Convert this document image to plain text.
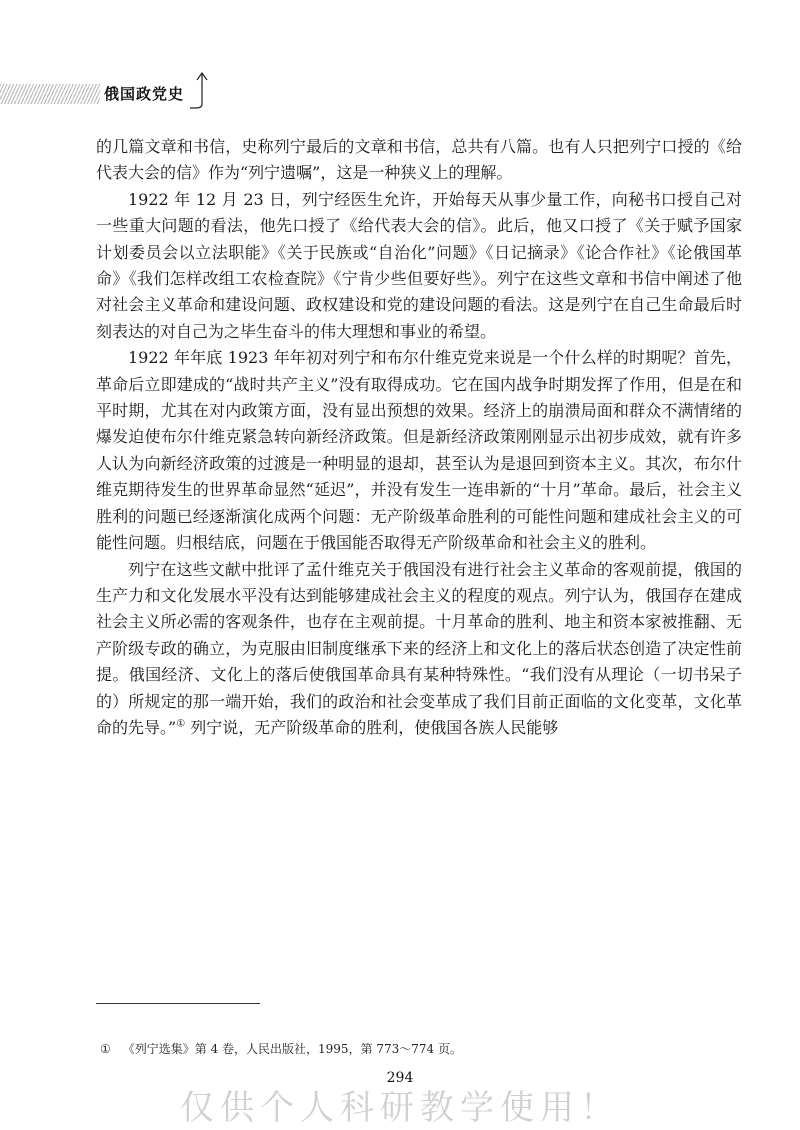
俄国政党史

的几篇文章和书信，史称列宁最后的文章和书信，总共有八篇。也有人只把列宁口授的《给代表大会的信》作为“列宁遗嘱”，这是一种狭义上的理解。

1922 年 12 月 23 日，列宁经医生允许，开始每天从事少量工作，向秘书口授自己对一些重大问题的看法，他先口授了《给代表大会的信》。此后，他又口授了《关于赋予国家计划委员会以立法职能》《关于民族或“自治化”问题》《日记摘录》《论合作社》《论俄国革命》《我们怎样改组工农检查院》《宁肯少些但要好些》。列宁在这些文章和书信中阐述了他对社会主义革命和建设问题、政权建设和党的建设问题的看法。这是列宁在自己生命最后时刻表达的对自己为之毕生奋斗的伟大理想和事业的希望。

1922 年年底 1923 年年初对列宁和布尔什维克党来说是一个什么样的时期呢？首先，革命后立即建成的“战时共产主义”没有取得成功。它在国内战争时期发挥了作用，但是在和平时期，尤其在对内政策方面，没有显出预想的效果。经济上的崩溃局面和群众不满情绪的爆发迫使布尔什维克紧急转向新经济政策。但是新经济政策刚刚显示出初步成效，就有许多人认为向新经济政策的过渡是一种明显的退却，甚至认为是退回到资本主义。其次，布尔什维克期待发生的世界革命显然“延迟”，并没有发生一连串新的“十月”革命。最后，社会主义胜利的问题已经逐渐演化成两个问题：无产阶级革命胜利的可能性问题和建成社会主义的可能性问题。归根结底，问题在于俄国能否取得无产阶级革命和社会主义的胜利。

列宁在这些文献中批评了孟什维克关于俄国没有进行社会主义革命的客观前提，俄国的生产力和文化发展水平没有达到能够建成社会主义的程度的观点。列宁认为，俄国存在建成社会主义所必需的客观条件，也存在主观前提。十月革命的胜利、地主和资本家被推翻、无产阶级专政的确立，为克服由旧制度继承下来的经济上和文化上的落后状态创造了决定性前提。俄国经济、文化上的落后使俄国革命具有某种特殊性。“我们没有从理论（一切书呆子的）所规定的那一端开始，我们的政治和社会变革成了我们目前正面临的文化变革，文化革命的先导。”① 列宁说，无产阶级革命的胜利，使俄国各族人民能够

① 《列宁选集》第 4 卷，人民出版社，1995，第 773～774 页。
294
仅供个人科研教学使用！
